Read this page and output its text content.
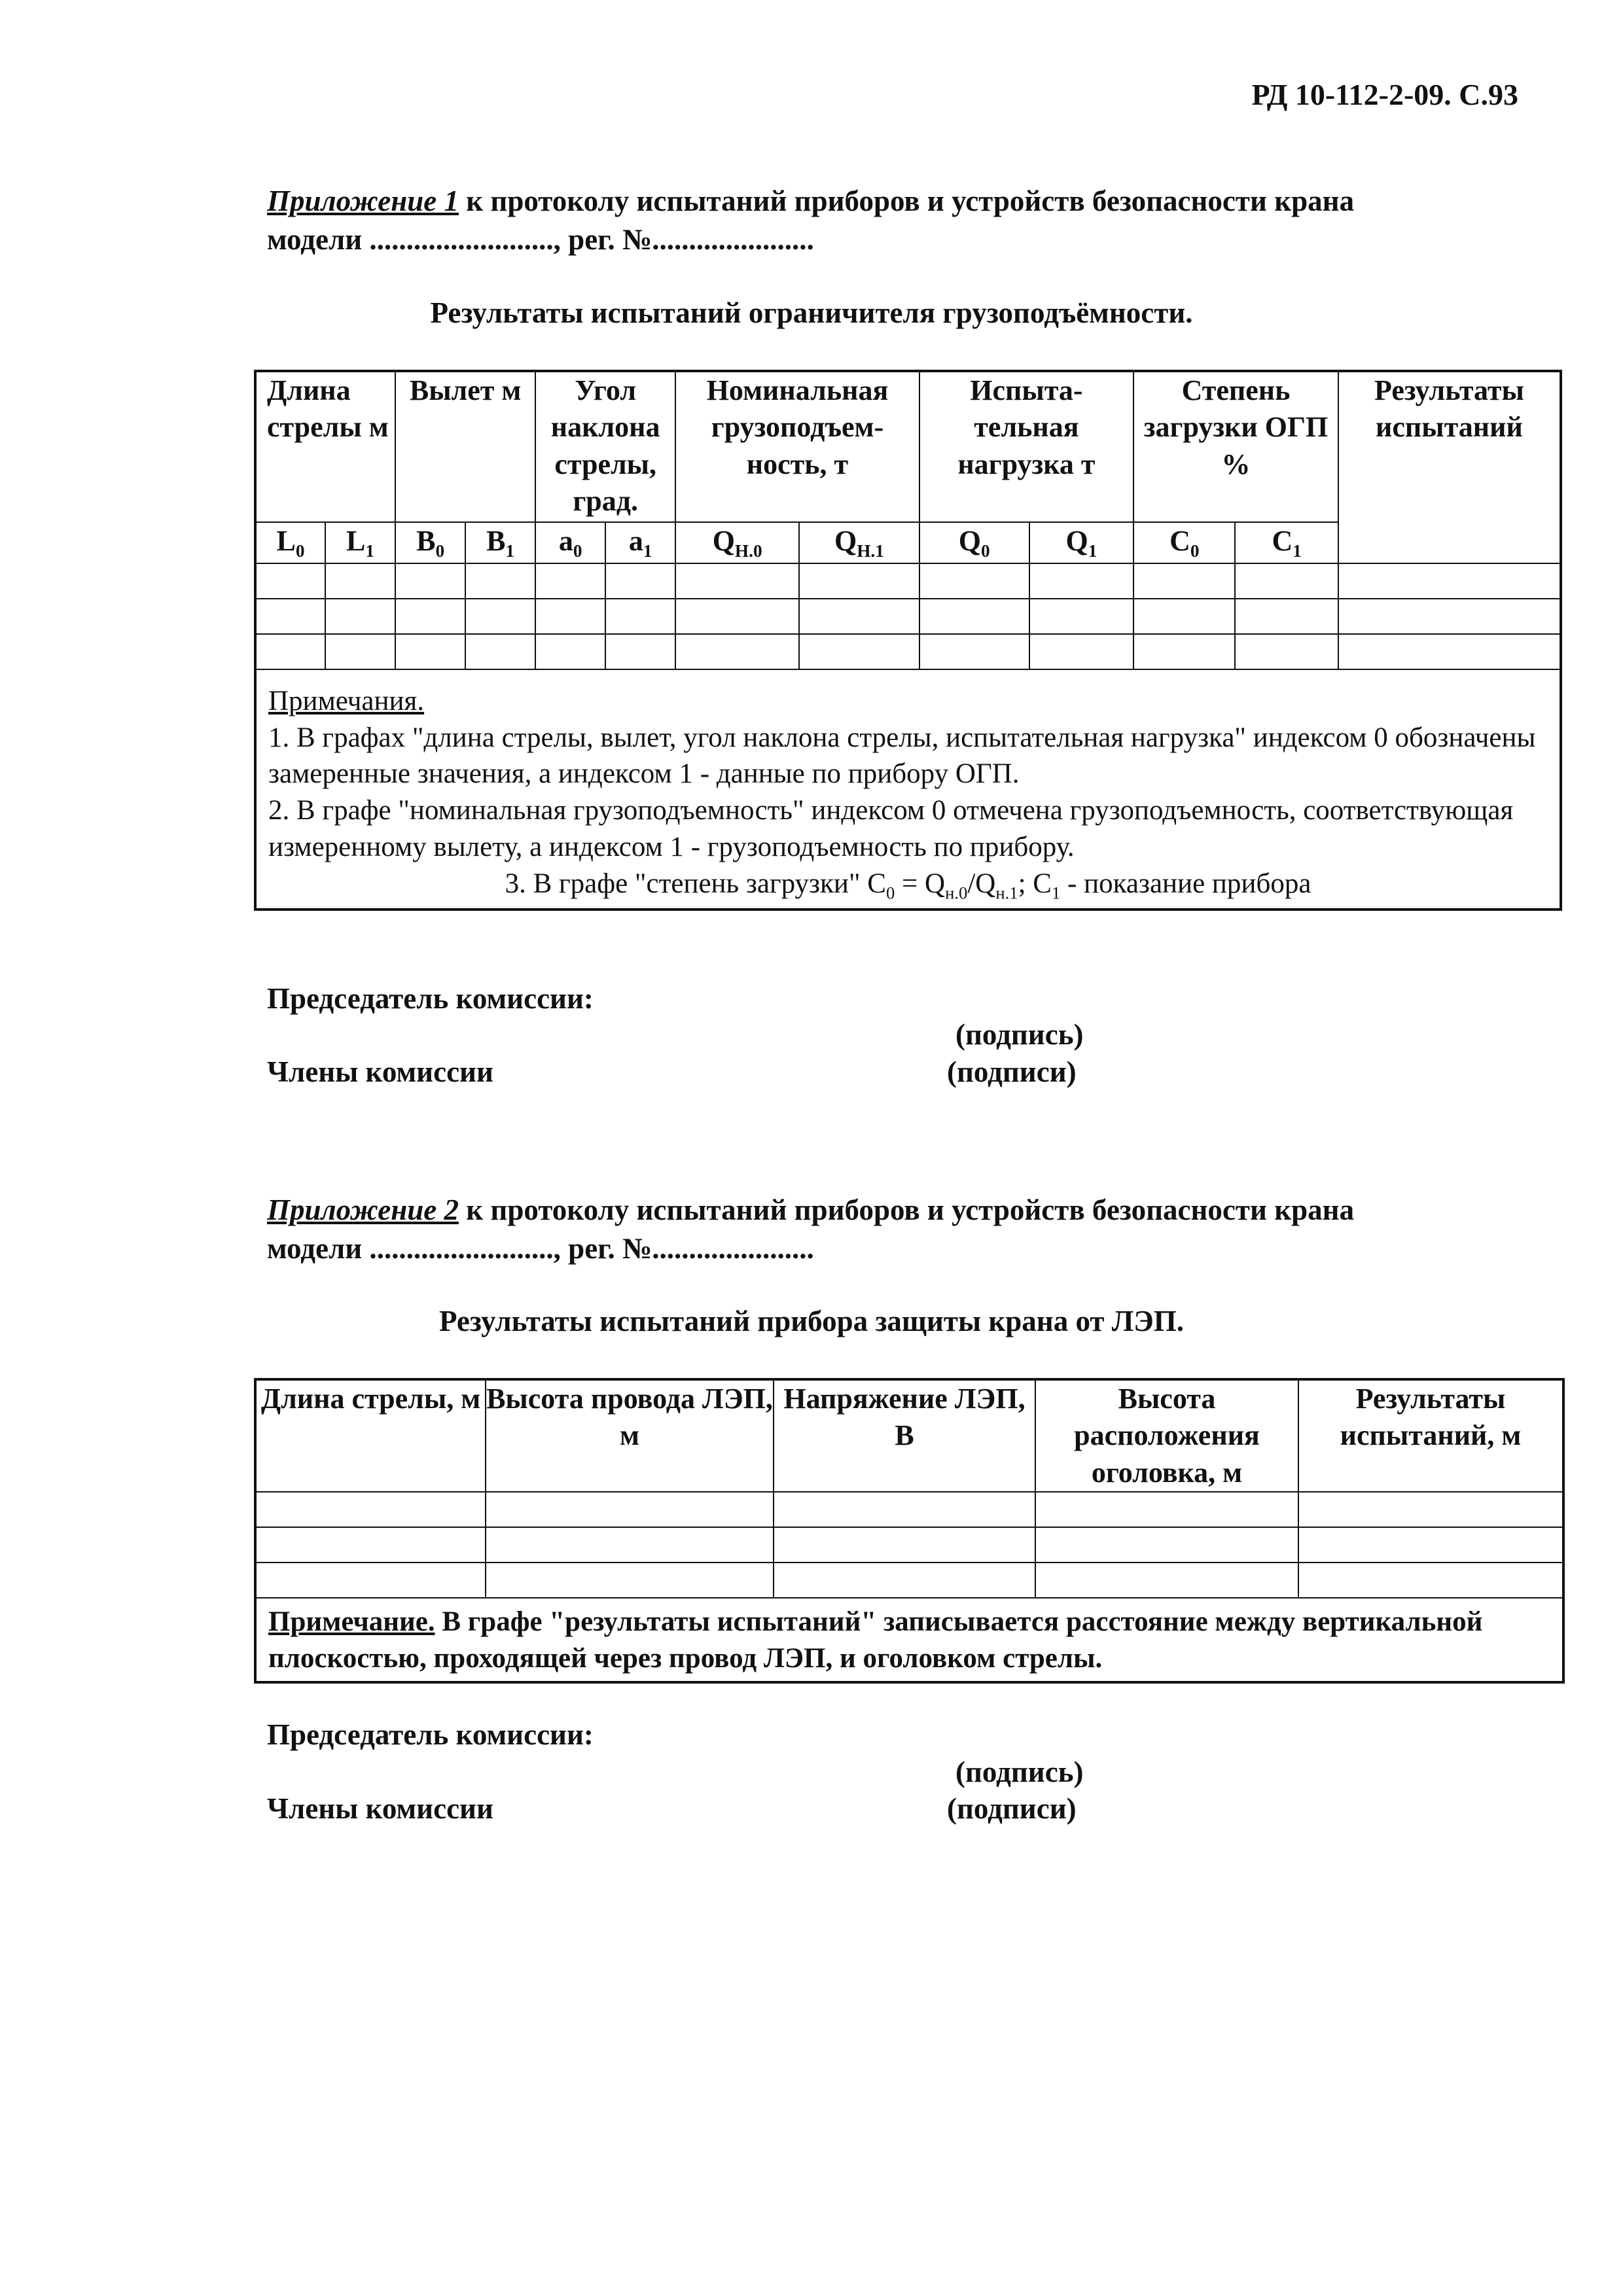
РД 10-112-2-09. С.93
Приложение 1 к протоколу испытаний приборов и устройств безопасности крана
модели ........................., рег. №......................
Результаты испытаний ограничителя грузоподъёмности.
Длина стрелы м		Вылет м		Угол наклона стрелы, град.		Номинальная грузоподъем-ность, т		Испыта-тельная нагрузка т		Степень загрузки ОГП %		Результаты испытаний
$L_0$	$L_1$	$B_0$	$B_1$	$a_0$	$a_1$	$Q_{Н.0}$	$Q_{Н.1}$	$Q_0$	$Q_1$	$C_0$	$C_1$

Примечания.
1. В графах "длина стрелы, вылет, угол наклона стрелы, испытательная нагрузка" индексом 0 обозначены замеренные значения, а индексом 1 - данные по прибору ОГП.
2. В графе "номинальная грузоподъемность" индексом 0 отмечена грузоподъемность, соответствующая измеренному вылету, а индексом 1 - грузоподъемность по прибору.

3. В графе "степень загрузки" $C_0 = Q_{н.0}/Q_{н.1}$; $C_1$ - показание прибора												
Председатель комиссии:
(подпись)
Члены комиссии	(подписи)
Приложение 2 к протоколу испытаний приборов и устройств безопасности крана
модели ........................., рег. №......................
Результаты испытаний прибора защиты крана от ЛЭП.
Длина стрелы, м	Высота провода ЛЭП, м	Напряжение ЛЭП, В	Высота расположения оголовка, м	Результаты испытаний, м

Примечание. В графе "результаты испытаний" записывается расстояние между вертикальной плоскостью, проходящей через провод ЛЭП, и оголовком стрелы.				
Председатель комиссии:
(подпись)
Члены комиссии	(подписи)
